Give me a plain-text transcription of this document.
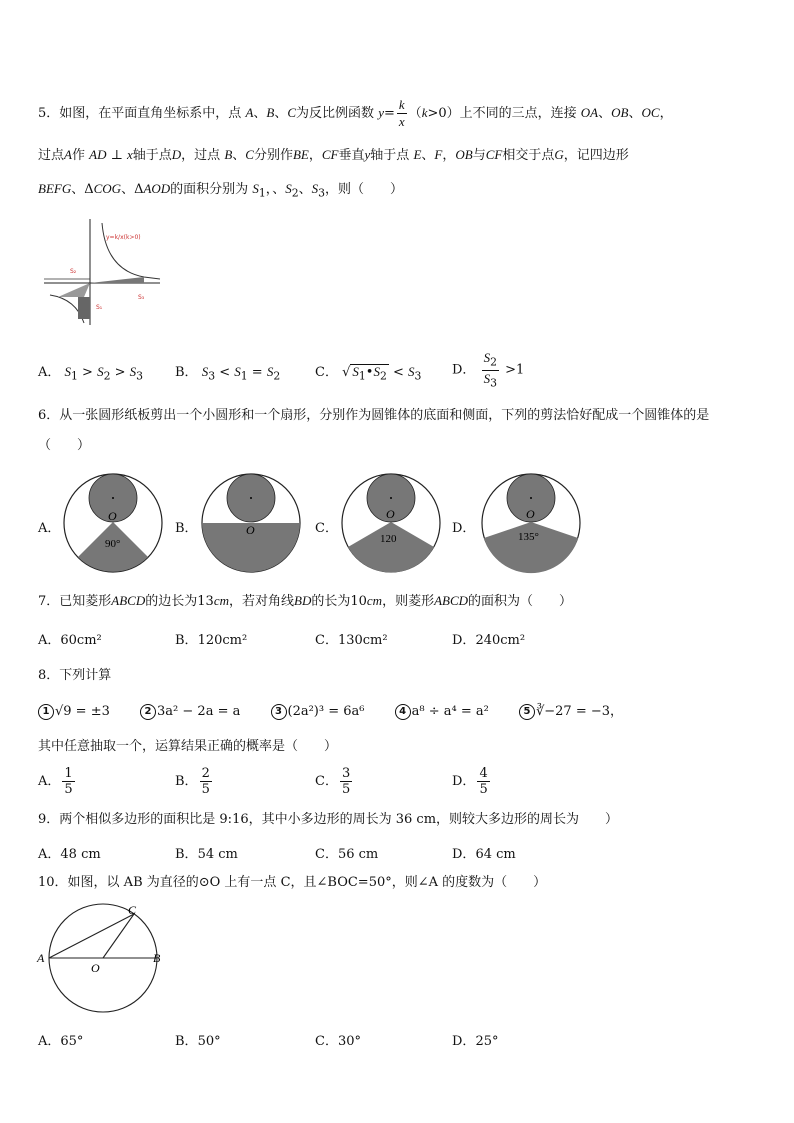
5．如图，在平面直角坐标系中，点 A、B、C为反比例函数 $y= \frac{k}{x} (k>0)$上不同的三点，连接 OA、OB、OC，
过点A作 AD ⊥ x轴于点D，过点 B、C分别作BE，CF垂直y轴于点 E、F，OB与CF相交于点G，记四边形
BEFG、ΔCOG、ΔAOD的面积分别为 $S_1$，、$S_2$、$S_3$，则（　　）
y=k/x(k>0)
S₂
S₃
S₁
A． $S_1 > S_2 > S_3$ B． $S_3 < S_1 = S_2$	C． √ $S_1•S_2 < S_3$ D． $\frac{S_2}{S_3} >1$
6．从一张圆形纸板剪出一个小圆形和一个扇形，分别作为圆锥体的底面和侧面，下列的剪法恰好配成一个圆锥体的是
（　　）
A．
O
90°
B．	O	C．
O
120
D．
O
135°
7．已知菱形ABCD的边长为13cm，若对角线BD的长为10cm，则菱形ABCD的面积为（　　）
A．60cm²	B．120cm²	C．130cm²	D．240cm²
8．下列计算
1 √9 = ±3　　	2 3a² − 2a = a　　	3 (2a²)³ = 6a⁶　　	4 a⁸ ÷ a⁴ = a²　　	5 ∛−27 = −3，
其中任意抽取一个，运算结果正确的概率是（　　）
A． $\frac{1}{5}$	B． $\frac{2}{5}$	C． $\frac{3}{5}$	D． $\frac{4}{5}$
9．两个相似多边形的面积比是 9:16，其中小多边形的周长为 36 cm，则较大多边形的周长为　　）
A．48 cm	B．54 cm	C．56 cm	D．64 cm
10．如图，以 AB 为直径的⊙O 上有一点 C，且∠BOC=50°，则∠A 的度数为（　　）
A	B
C
O
A．65°	B．50°	C．30°	D．25°
